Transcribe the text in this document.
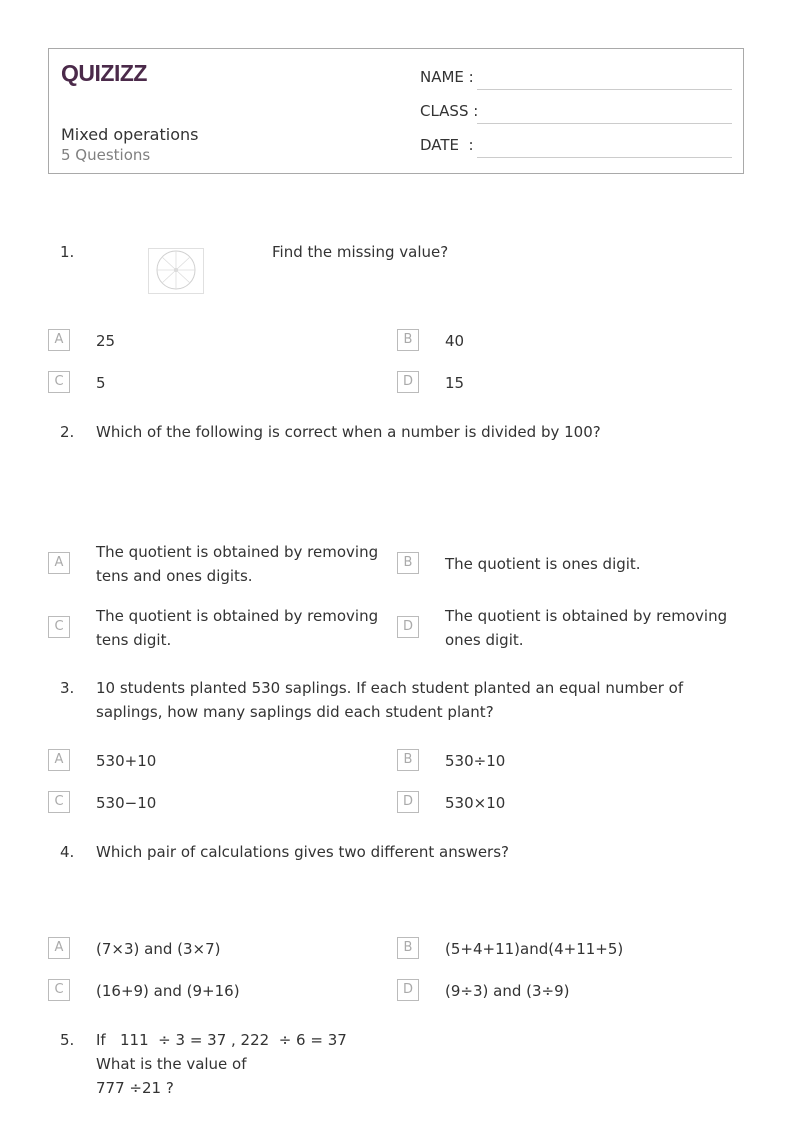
QUIZIZZ
Mixed operations
5 Questions
NAME :
CLASS :
DATE  :
1.	Find the missing value?
A	25	B	40
C	5	D	15
2. Which of the following is correct when a number is divided by 100?
A
The quotient is obtained by removing tens and ones digits.
B	The quotient is ones digit.
C
The quotient is obtained by removing tens digit.
D
The quotient is obtained by removing ones digit.
3. 10 students planted 530 saplings. If each student planted an equal number of saplings, how many saplings did each student plant?
A	530+10	B	530÷10
C	530−10	D	530×10
4. Which pair of calculations gives two different answers?
A	(7×3) and (3×7)	B	(5+4+11)and(4+11+5)
C	(16+9) and (9+16)	D	(9÷3) and (3÷9)
5. If   111  ÷ 3 = 37 , 222  ÷ 6 = 37
What is the value of
777 ÷21 ?
